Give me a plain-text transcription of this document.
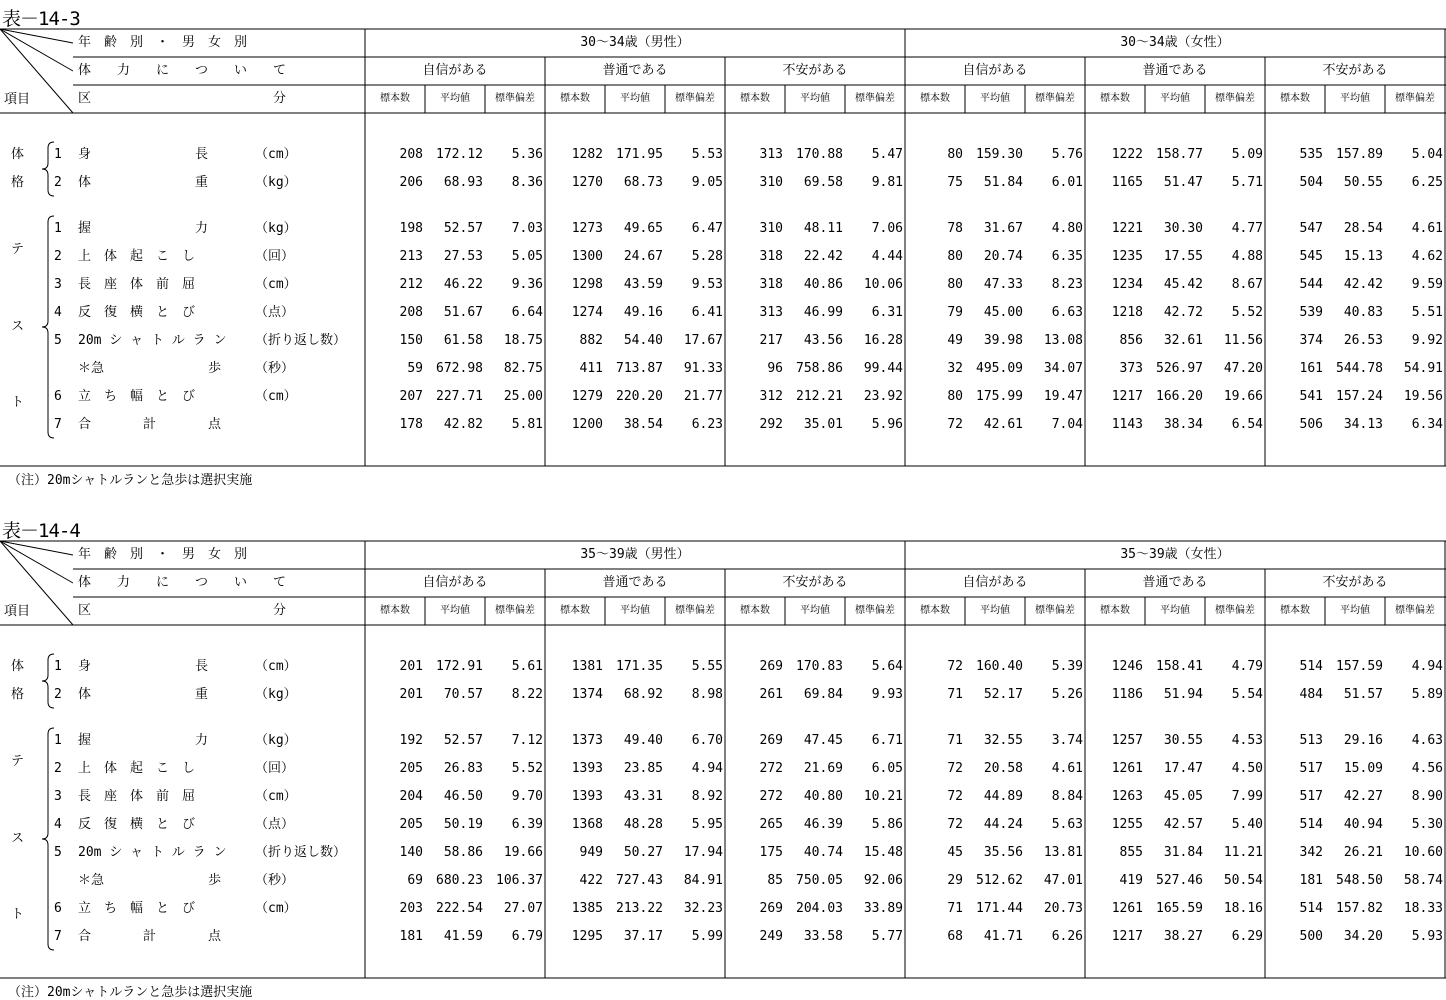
表－14-3
年　齢　別　・　男　女　別
体　　力　　に　　つ　　い　　て
区　　　　　　　　　　　　　　分
項目
30～34歳（男性）
自信がある
標本数	平均値	標準偏差
普通である
標本数	平均値	標準偏差
不安がある
標本数	平均値	標準偏差
30～34歳（女性）
自信がある
標本数	平均値	標準偏差
普通である
標本数	平均値	標準偏差
不安がある
標本数	平均値	標準偏差
体
格
テ
ス
ト
1 身　　　　　　　　長	（cm）	208	172.12	5.36	1282	171.95	5.53	313	170.88	5.47	80	159.30	5.76	1222	158.77	5.09	535	157.89	5.04
2 体　　　　　　　　重	（kg）	206	68.93	8.36	1270	68.73	9.05	310	69.58	9.81	75	51.84	6.01	1165	51.47	5.71	504	50.55	6.25
1 握　　　　　　　　力	（kg）	198	52.57	7.03	1273	49.65	6.47	310	48.11	7.06	78	31.67	4.80	1221	30.30	4.77	547	28.54	4.61
2 上　体　起　こ　し	（回）	213	27.53	5.05	1300	24.67	5.28	318	22.42	4.44	80	20.74	6.35	1235	17.55	4.88	545	15.13	4.62
3 長　座　体　前　屈	（cm）	212	46.22	9.36	1298	43.59	9.53	318	40.86	10.06	80	47.33	8.23	1234	45.42	8.67	544	42.42	9.59
4 反　復　横　と　び	（点）	208	51.67	6.64	1274	49.16	6.41	313	46.99	6.31	79	45.00	6.63	1218	42.72	5.52	539	40.83	5.51
5 20m シ ャ ト ル ラ ン （折り返し数）	150	61.58	18.75	882	54.40	17.67	217	43.56	16.28	49	39.98	13.08	856	32.61	11.56	374	26.53	9.92
＊急　　　　　　　　歩	（秒）	59	672.98	82.75	411	713.87	91.33	96	758.86	99.44	32	495.09	34.07	373	526.97	47.20	161	544.78	54.91
6 立　ち　幅　と　び	（cm）	207	227.71	25.00	1279	220.20	21.77	312	212.21	23.92	80	175.99	19.47	1217	166.20	19.66	541	157.24	19.56
7 合　　　　計　　　　点	178	42.82	5.81	1200	38.54	6.23	292	35.01	5.96	72	42.61	7.04	1143	38.34	6.54	506	34.13	6.34
（注）20mシャトルランと急歩は選択実施
表－14-4
年　齢　別　・　男　女　別
体　　力　　に　　つ　　い　　て
区　　　　　　　　　　　　　　分
項目
35～39歳（男性）
自信がある
標本数	平均値	標準偏差
普通である
標本数	平均値	標準偏差
不安がある
標本数	平均値	標準偏差
35～39歳（女性）
自信がある
標本数	平均値	標準偏差
普通である
標本数	平均値	標準偏差
不安がある
標本数	平均値	標準偏差
体
格
テ
ス
ト
1 身　　　　　　　　長	（cm）	201	172.91	5.61	1381	171.35	5.55	269	170.83	5.64	72	160.40	5.39	1246	158.41	4.79	514	157.59	4.94
2 体　　　　　　　　重	（kg）	201	70.57	8.22	1374	68.92	8.98	261	69.84	9.93	71	52.17	5.26	1186	51.94	5.54	484	51.57	5.89
1 握　　　　　　　　力	（kg）	192	52.57	7.12	1373	49.40	6.70	269	47.45	6.71	71	32.55	3.74	1257	30.55	4.53	513	29.16	4.63
2 上　体　起　こ　し	（回）	205	26.83	5.52	1393	23.85	4.94	272	21.69	6.05	72	20.58	4.61	1261	17.47	4.50	517	15.09	4.56
3 長　座　体　前　屈	（cm）	204	46.50	9.70	1393	43.31	8.92	272	40.80	10.21	72	44.89	8.84	1263	45.05	7.99	517	42.27	8.90
4 反　復　横　と　び	（点）	205	50.19	6.39	1368	48.28	5.95	265	46.39	5.86	72	44.24	5.63	1255	42.57	5.40	514	40.94	5.30
5 20m シ ャ ト ル ラ ン （折り返し数）	140	58.86	19.66	949	50.27	17.94	175	40.74	15.48	45	35.56	13.81	855	31.84	11.21	342	26.21	10.60
＊急　　　　　　　　歩	（秒）	69	680.23	106.37	422	727.43	84.91	85	750.05	92.06	29	512.62	47.01	419	527.46	50.54	181	548.50	58.74
6 立　ち　幅　と　び	（cm）	203	222.54	27.07	1385	213.22	32.23	269	204.03	33.89	71	171.44	20.73	1261	165.59	18.16	514	157.82	18.33
7 合　　　　計　　　　点	181	41.59	6.79	1295	37.17	5.99	249	33.58	5.77	68	41.71	6.26	1217	38.27	6.29	500	34.20	5.93
（注）20mシャトルランと急歩は選択実施
